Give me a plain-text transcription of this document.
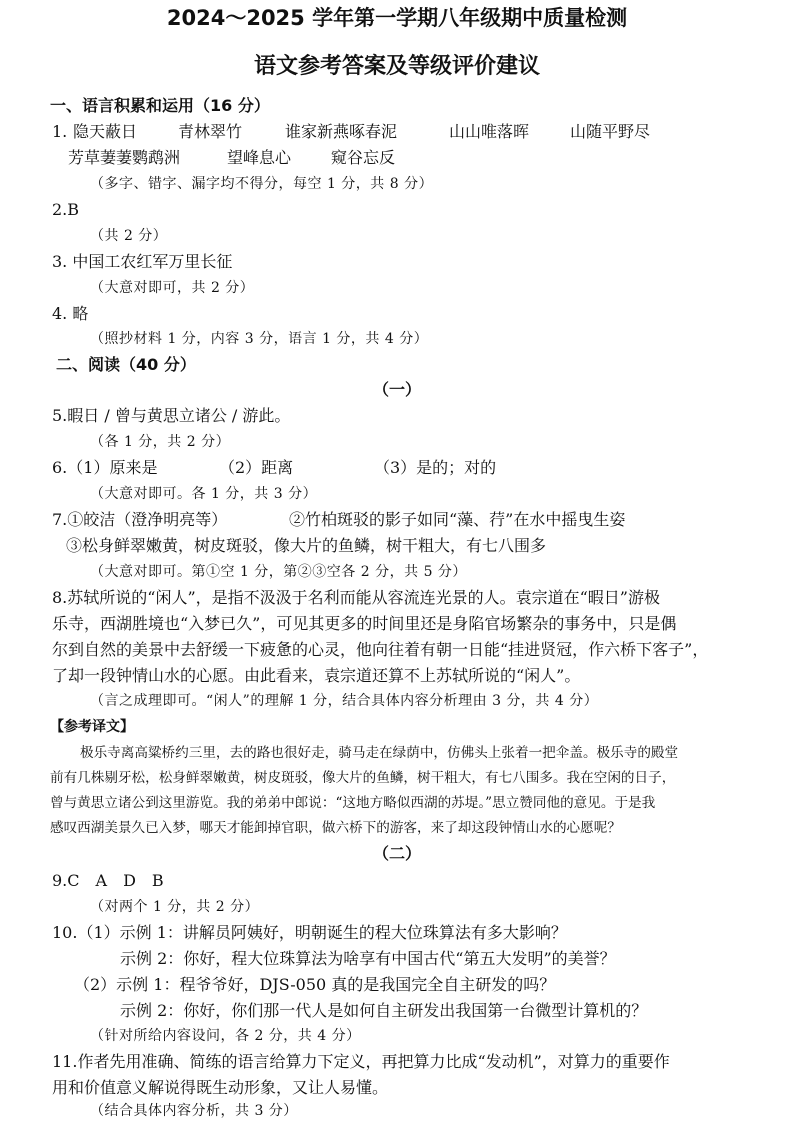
2024～2025 学年第一学期八年级期中质量检测
语文参考答案及等级评价建议
一、语言积累和运用（16 分）
1. 隐天蔽日	青林翠竹	谁家新燕啄春泥	山山唯落晖	山随平野尽
芳草萋萋鹦鹉洲	望峰息心 窥谷忘反
（多字、错字、漏字均不得分，每空 1 分，共 8 分）
2.B
（共 2 分）
3. 中国工农红军万里长征
（大意对即可，共 2 分）
4. 略
（照抄材料 1 分，内容 3 分，语言 1 分，共 4 分）
二、阅读（40 分）
（一）
5.暇日 / 曾与黄思立诸公 / 游此。
（各 1 分，共 2 分）
6.（1）原来是	（2）距离	（3）是的；对的
（大意对即可。各 1 分，共 3 分）
7.①皎洁（澄净明亮等）	②竹柏斑驳的影子如同“藻、荇”在水中摇曳生姿
③松身鲜翠嫩黄，树皮斑驳，像大片的鱼鳞，树干粗大，有七八围多
（大意对即可。第①空 1 分，第②③空各 2 分，共 5 分）
8.苏轼所说的“闲人”，是指不汲汲于名利而能从容流连光景的人。袁宗道在“暇日”游极
乐寺，西湖胜境也“入梦已久”，可见其更多的时间里还是身陷官场繁杂的事务中，只是偶
尔到自然的美景中去舒缓一下疲惫的心灵，他向往着有朝一日能“挂进贤冠，作六桥下客子”，
了却一段钟情山水的心愿。由此看来，袁宗道还算不上苏轼所说的“闲人”。
（言之成理即可。“闲人”的理解 1 分，结合具体内容分析理由 3 分，共 4 分）
【参考译文】
极乐寺离高粱桥约三里，去的路也很好走，骑马走在绿荫中，仿佛头上张着一把伞盖。极乐寺的殿堂
前有几株剔牙松，松身鲜翠嫩黄，树皮斑驳，像大片的鱼鳞，树干粗大，有七八围多。我在空闲的日子，
曾与黄思立诸公到这里游览。我的弟弟中郎说：“这地方略似西湖的苏堤。”思立赞同他的意见。于是我
感叹西湖美景久已入梦，哪天才能卸掉官职，做六桥下的游客，来了却这段钟情山水的心愿呢？
（二）
9.C　A　D　B
（对两个 1 分，共 2 分）
10.（1）示例 1：讲解员阿姨好，明朝诞生的程大位珠算法有多大影响？
示例 2：你好，程大位珠算法为啥享有中国古代“第五大发明”的美誉？
（2）示例 1：程爷爷好，DJS-050 真的是我国完全自主研发的吗？
示例 2：你好，你们那一代人是如何自主研发出我国第一台微型计算机的？
（针对所给内容设问，各 2 分，共 4 分）
11.作者先用准确、简练的语言给算力下定义，再把算力比成“发动机”，对算力的重要作
用和价值意义解说得既生动形象，又让人易懂。
（结合具体内容分析，共 3 分）
